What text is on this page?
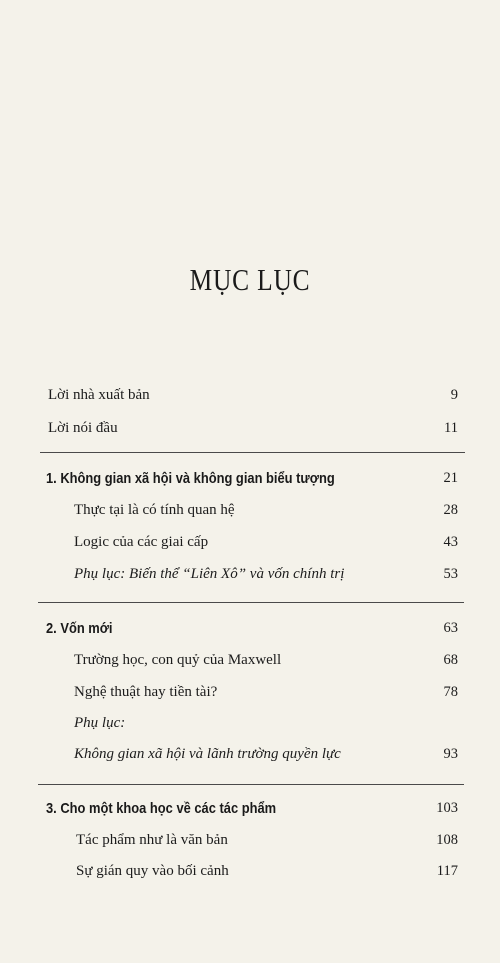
MỤC LỤC
Lời nhà xuất bản	9
Lời nói đầu	11
1. Không gian xã hội và không gian biểu tượng	21
Thực tại là có tính quan hệ	28
Logic của các giai cấp	43
Phụ lục: Biến thể “Liên Xô” và vốn chính trị	53
2. Vốn mới	63
Trường học, con quỷ của Maxwell	68
Nghệ thuật hay tiền tài?	78
Phụ lục:
Không gian xã hội và lãnh trường quyền lực	93
3. Cho một khoa học về các tác phẩm	103
Tác phẩm như là văn bản	108
Sự gián quy vào bối cảnh	117
